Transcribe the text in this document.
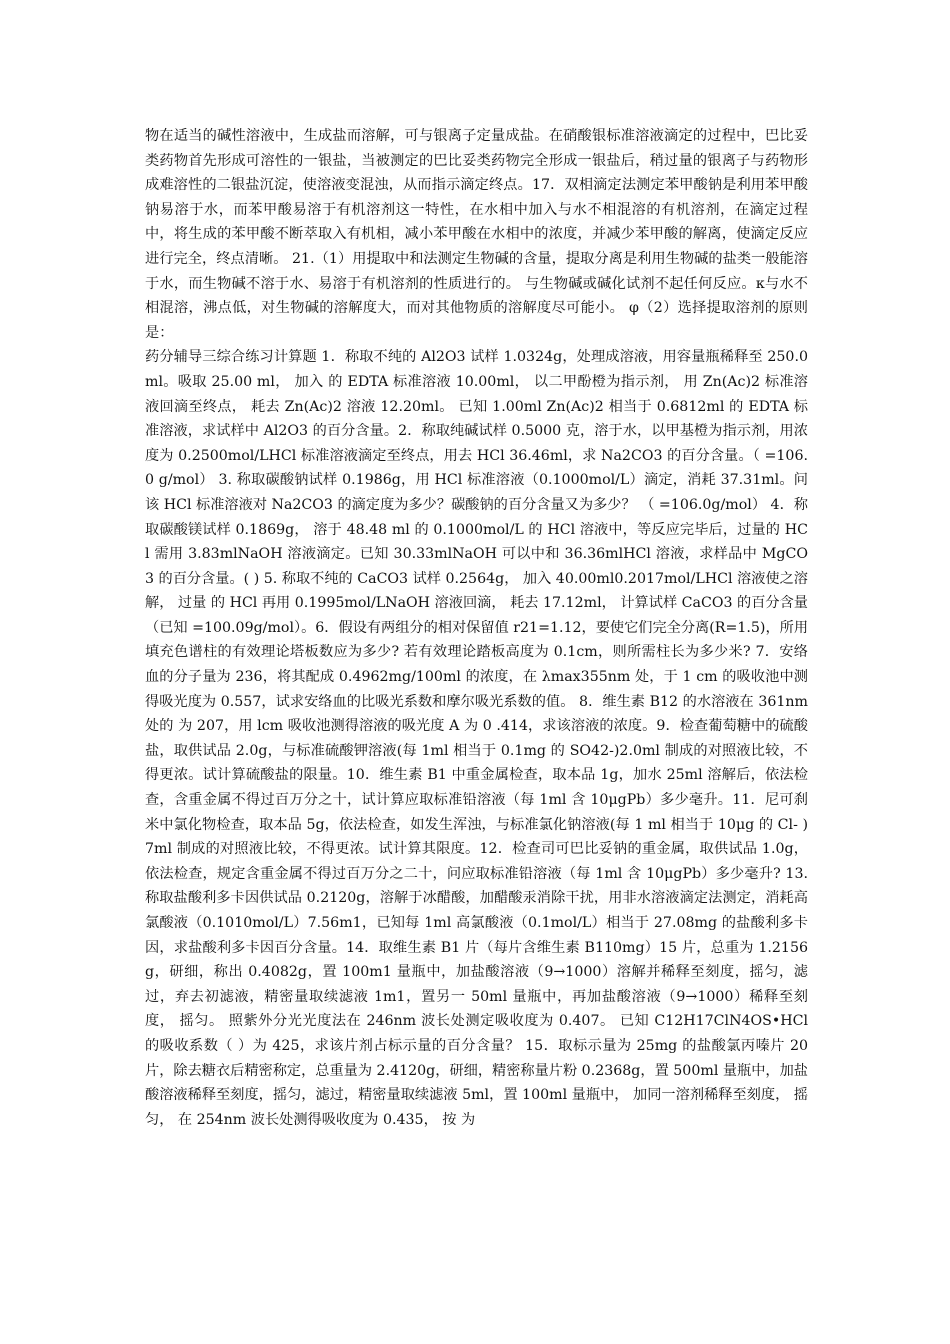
物在适当的碱性溶液中，生成盐而溶解，可与银离子定量成盐。在硝酸银标准溶液滴定的过程中，巴比妥类药物首先形成可溶性的一银盐，当被测定的巴比妥类药物完全形成一银盐后，稍过量的银离子与药物形成难溶性的二银盐沉淀，使溶液变混浊，从而指示滴定终点。17．双相滴定法测定苯甲酸钠是利用苯甲酸钠易溶于水，而苯甲酸易溶于有机溶剂这一特性，在水相中加入与水不相混溶的有机溶剂，在滴定过程中，将生成的苯甲酸不断萃取入有机相，减小苯甲酸在水相中的浓度，并减少苯甲酸的解离，使滴定反应进行完全，终点清晰。 21.（1）用提取中和法测定生物碱的含量，提取分离是利用生物碱的盐类一般能溶于水，而生物碱不溶于水、易溶于有机溶剂的性质进行的。 与生物碱或碱化试剂不起任何反应。κ与水不相混溶，沸点低，对生物碱的溶解度大，而对其他物质的溶解度尽可能小。 φ（2）选择提取溶剂的原则是：

药分辅导三综合练习计算题 1．称取不纯的 Al2O3 试样 1.0324g，处理成溶液，用容量瓶稀释至 250.0 ml。吸取 25.00 ml， 加入 的 EDTA 标准溶液 10.00ml， 以二甲酚橙为指示剂， 用 Zn(Ac)2 标准溶液回滴至终点， 耗去 Zn(Ac)2 溶液 12.20ml。 已知 1.00ml Zn(Ac)2 相当于 0.6812ml 的 EDTA 标准溶液，求试样中 Al2O3 的百分含量。2．称取纯碱试样 0.5000 克，溶于水，以甲基橙为指示剂，用浓度为 0.2500mol/LHCl 标准溶液滴定至终点，用去 HCl 36.46ml，求 Na2CO3 的百分含量。（ =106.0 g/mol） 3. 称取碳酸钠试样 0.1986g，用 HCl 标准溶液（0.1000mol/L）滴定，消耗 37.31ml。问该 HCl 标准溶液对 Na2CO3 的滴定度为多少？碳酸钠的百分含量又为多少？ （ =106.0g/mol） 4．称取碳酸镁试样 0.1869g， 溶于 48.48 ml 的 0.1000mol/L 的 HCl 溶液中，等反应完毕后，过量的 HCl 需用 3.83mlNaOH 溶液滴定。已知 30.33mlNaOH 可以中和 36.36mlHCl 溶液，求样品中 MgCO3 的百分含量。( ) 5. 称取不纯的 CaCO3 试样 0.2564g， 加入 40.00ml0.2017mol/LHCl 溶液使之溶解， 过量 的 HCl 再用 0.1995mol/LNaOH 溶液回滴， 耗去 17.12ml， 计算试样 CaCO3 的百分含量 （已知 =100.09g/mol）。6．假设有两组分的相对保留值 r21=1.12，要使它们完全分离(R=1.5)，所用填充色谱柱的有效理论塔板数应为多少? 若有效理论踏板高度为 0.1cm，则所需柱长为多少米? 7．安络血的分子量为 236，将其配成 0.4962mg/100ml 的浓度，在 λmax355nm 处，于 1 cm 的吸收池中测得吸光度为 0.557，试求安络血的比吸光系数和摩尔吸光系数的值。 8．维生素 B12 的水溶液在 361nm 处的 为 207，用 lcm 吸收池测得溶液的吸光度 A 为 0 .414，求该溶液的浓度。9．检查葡萄糖中的硫酸盐，取供试品 2.0g，与标准硫酸钾溶液(每 1ml 相当于 0.1mg 的 SO42-)2.0ml 制成的对照液比较，不得更浓。试计算硫酸盐的限量。10．维生素 B1 中重金属检查，取本品 1g，加水 25ml 溶解后，依法检查，含重金属不得过百万分之十，试计算应取标准铅溶液（每 1ml 含 10μgPb）多少毫升。11．尼可刹米中氯化物检查，取本品 5g，依法检查，如发生浑浊，与标准氯化钠溶液(每 1 ml 相当于 10μg 的 Cl- ) 7ml 制成的对照液比较，不得更浓。试计算其限度。12．检查司可巴比妥钠的重金属，取供试品 1.0g，依法检查，规定含重金属不得过百万分之二十，问应取标准铅溶液（每 1ml 含 10μgPb）多少毫升? 13. 称取盐酸利多卡因供试品 0.2120g，溶解于冰醋酸，加醋酸汞消除干扰，用非水溶液滴定法测定，消耗高氯酸液（0.1010mol/L）7.56m1，已知每 1ml 高氯酸液（0.1mol/L）相当于 27.08mg 的盐酸利多卡因，求盐酸利多卡因百分含量。14．取维生素 B1 片（每片含维生素 B110mg）15 片，总重为 1.2156g，研细，称出 0.4082g，置 100m1 量瓶中，加盐酸溶液（9→1000）溶解并稀释至刻度，摇匀，滤过，弃去初滤液，精密量取续滤液 1m1，置另一 50ml 量瓶中，再加盐酸溶液（9→1000）稀释至刻度， 摇匀。 照紫外分光光度法在 246nm 波长处测定吸收度为 0.407。 已知 C12H17ClN4OS•HCl 的吸收系数（ ）为 425，求该片剂占标示量的百分含量？ 15．取标示量为 25mg 的盐酸氯丙嗪片 20 片，除去糖衣后精密称定，总重量为 2.4120g，研细，精密称量片粉 0.2368g，置 500ml 量瓶中，加盐酸溶液稀释至刻度，摇匀，滤过，精密量取续滤液 5ml，置 100ml 量瓶中， 加同一溶剂稀释至刻度， 摇匀， 在 254nm 波长处测得吸收度为 0.435， 按 为
